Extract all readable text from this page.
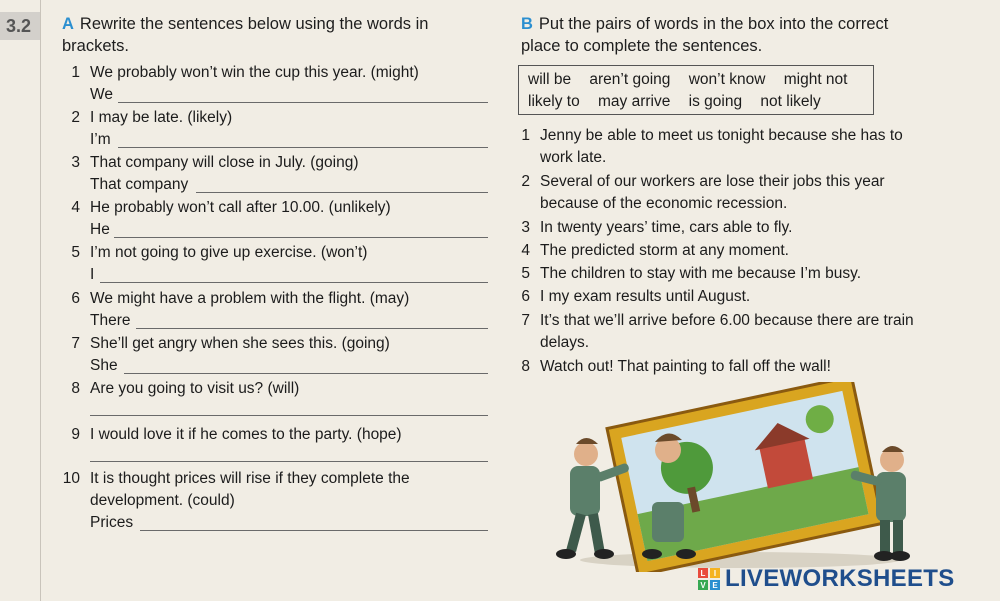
3.2	A Rewrite the sentences below using the words in
brackets.
1 We probably won’t win the cup this year. (might)
We
2 I may be late. (likely)
I’m
3 That company will close in July. (going)
That company
4 He probably won’t call after 10.00. (unlikely)
He
5 I’m not going to give up exercise. (won’t)
I
6 We might have a problem with the flight. (may)
There
7 She’ll get angry when she sees this. (going)
She
8 Are you going to visit us? (will)
9 I would love it if he comes to the party. (hope)
10 It is thought prices will rise if they complete the
development. (could)
Prices
B Put the pairs of words in the box into the correct
place to complete the sentences.
will be aren’t going won’t know might not
likely to may arrive is going not likely
1 Jenny be able to meet us tonight because she has to
work late.
2 Several of our workers are lose their jobs this year
because of the economic recession.
3 In twenty years’ time, cars able to fly.
4 The predicted storm at any moment.
5 The children to stay with me because I’m busy.
6 I my exam results until August.
7 It’s that we’ll arrive before 6.00 because there are train
delays.
8 Watch out! That painting to fall off the wall!
L	I
V E LIVEWORKSHEETS
